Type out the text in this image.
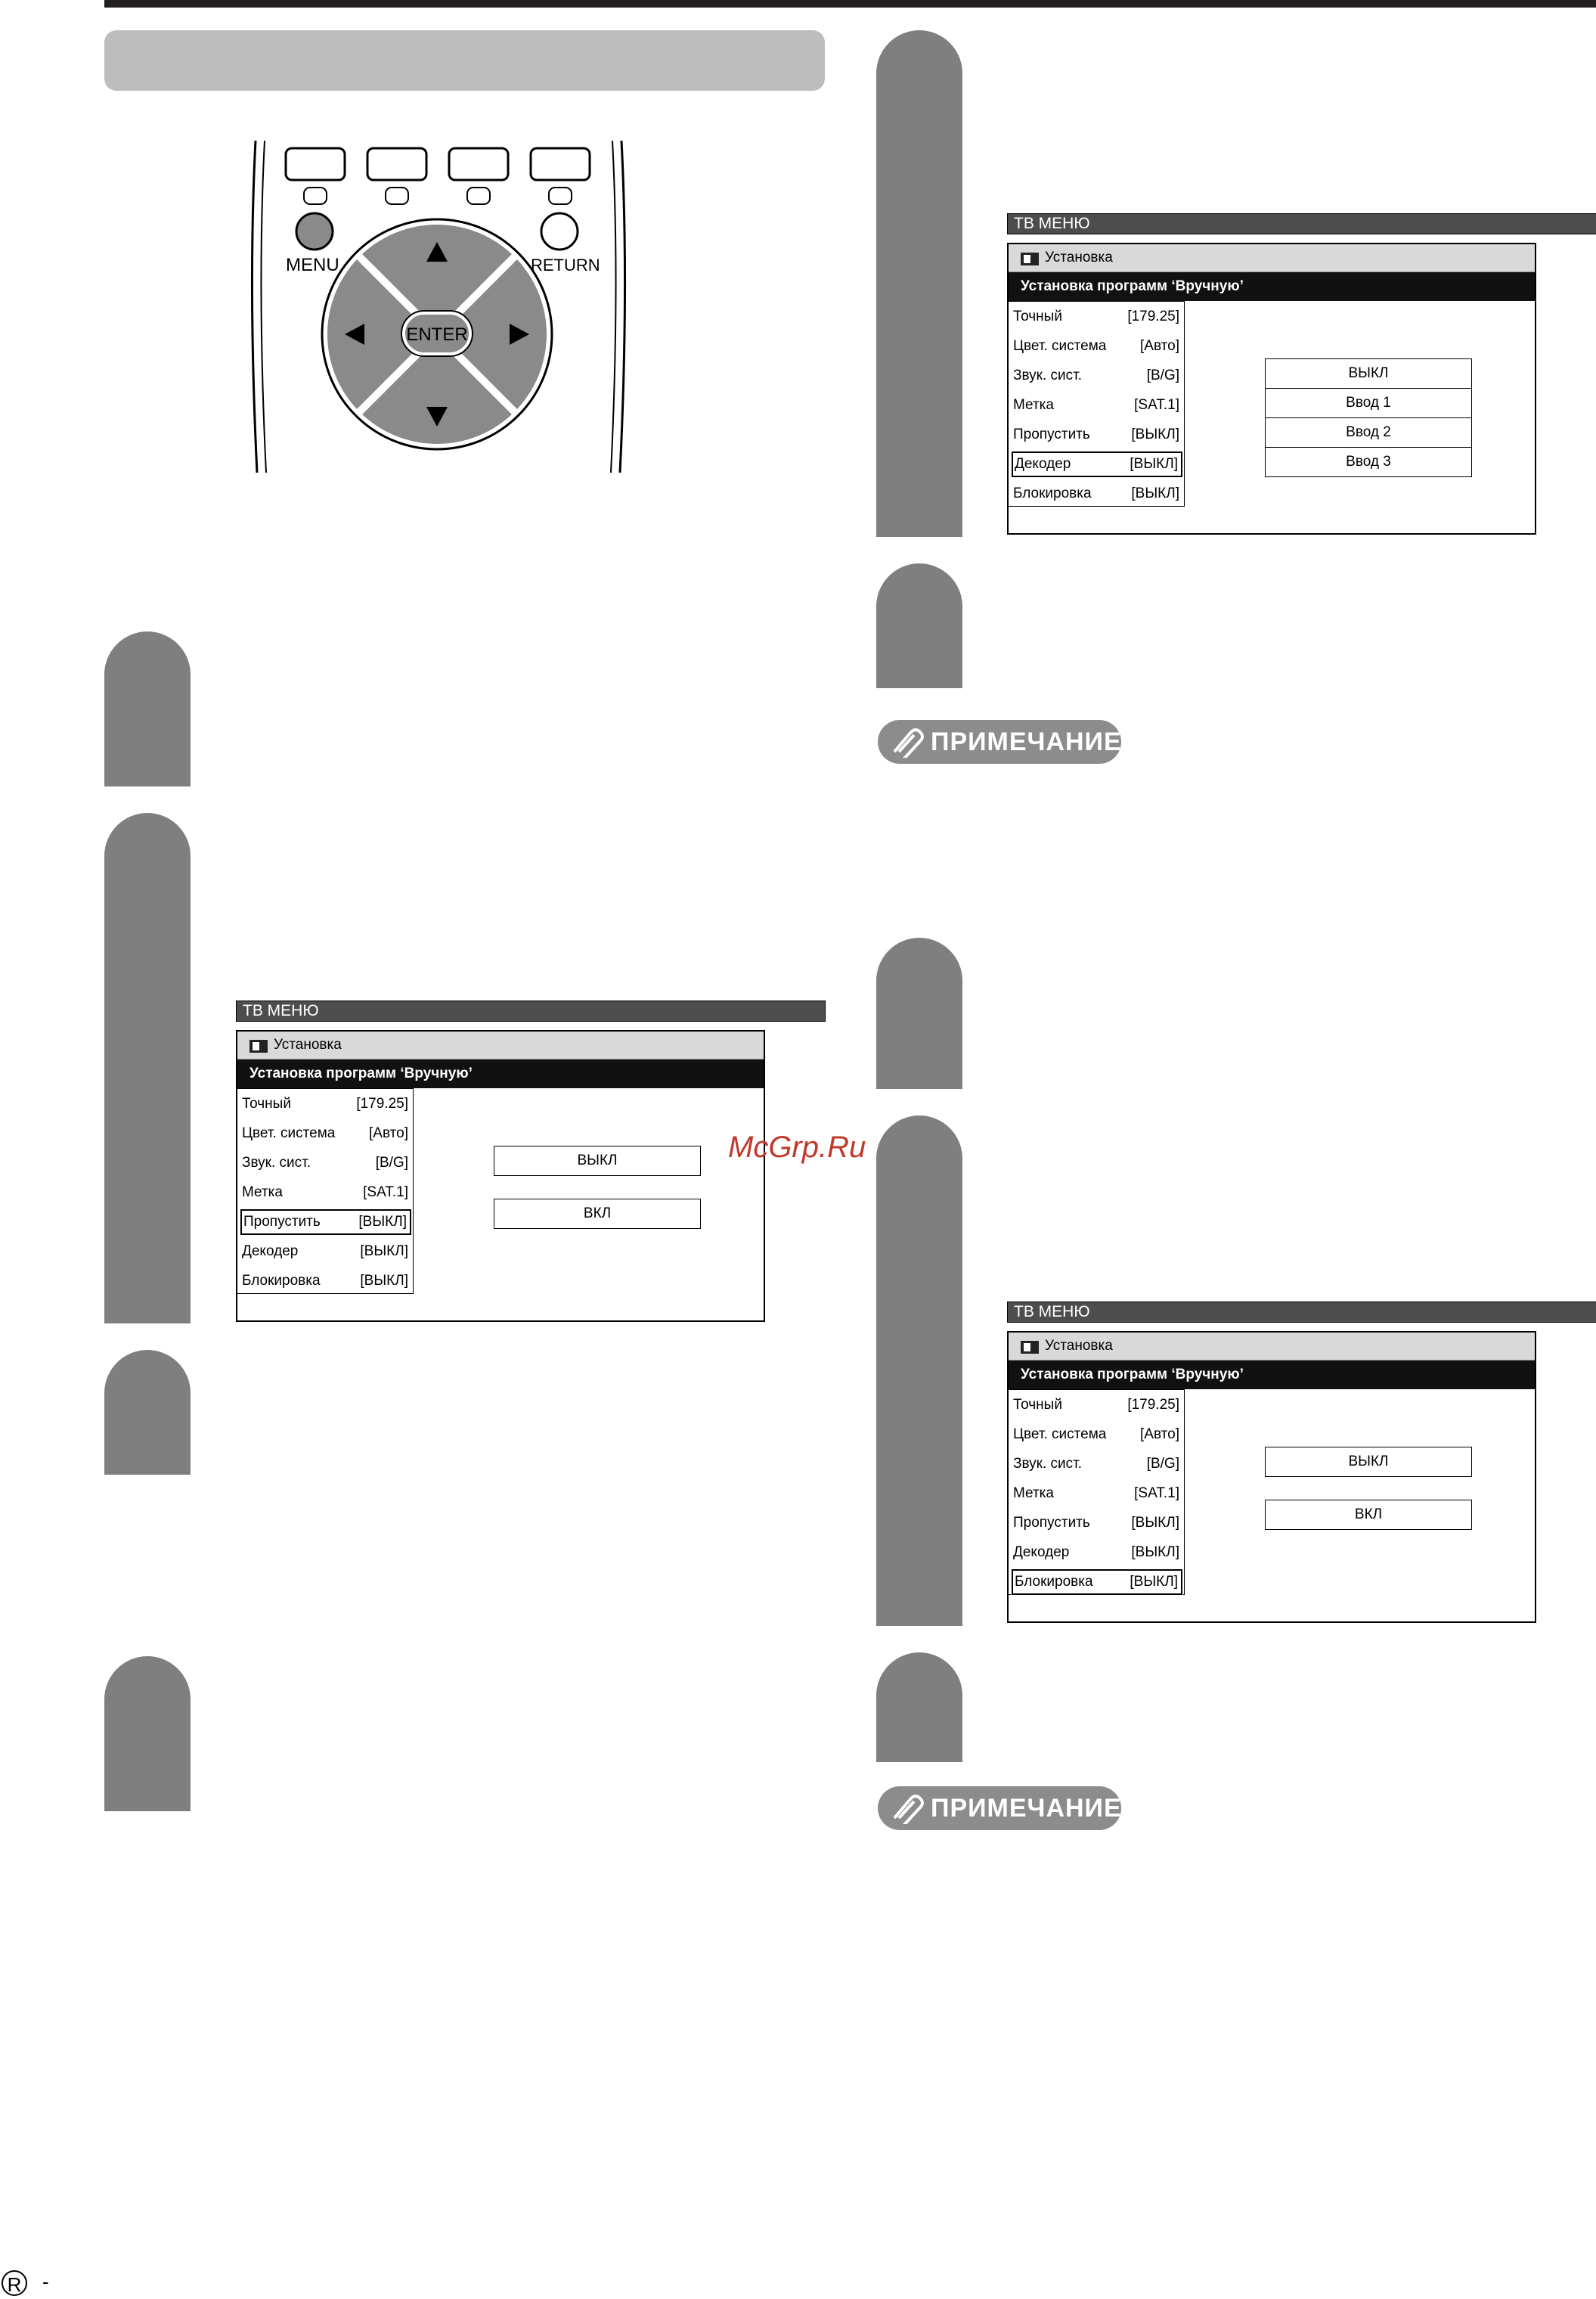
MENU	RETURN
ENTER
ТВ МЕНЮ
Установка
Установка программ ‘Вручную’
Точный	[179.25]
Цвет. система [Авто]
Звук. сист.	[B/G]
Метка	[SAT.1]
Пропустить	[ВЫКЛ]
Декодер	[ВЫКЛ]
Блокировка	[ВЫКЛ]
ВЫКЛ
Ввод 1
Ввод 2
Ввод 3
ТВ МЕНЮ
Установка
Установка программ ‘Вручную’
Точный	[179.25]
Цвет. система [Авто]
Звук. сист.	[B/G]
Метка	[SAT.1]
Пропустить	[ВЫКЛ]
Декодер	[ВЫКЛ]
Блокировка	[ВЫКЛ]
ВЫКЛ
ВКЛ
ТВ МЕНЮ
Установка
Установка программ ‘Вручную’
Точный	[179.25]
Цвет. система [Авто]
Звук. сист.	[B/G]
Метка	[SAT.1]
Пропустить	[ВЫКЛ]
Декодер	[ВЫКЛ]
Блокировка	[ВЫКЛ]
ВЫКЛ
ВКЛ
ПРИМЕЧАНИЕ
ПРИМЕЧАНИЕ
McGrp.Ru
R -
